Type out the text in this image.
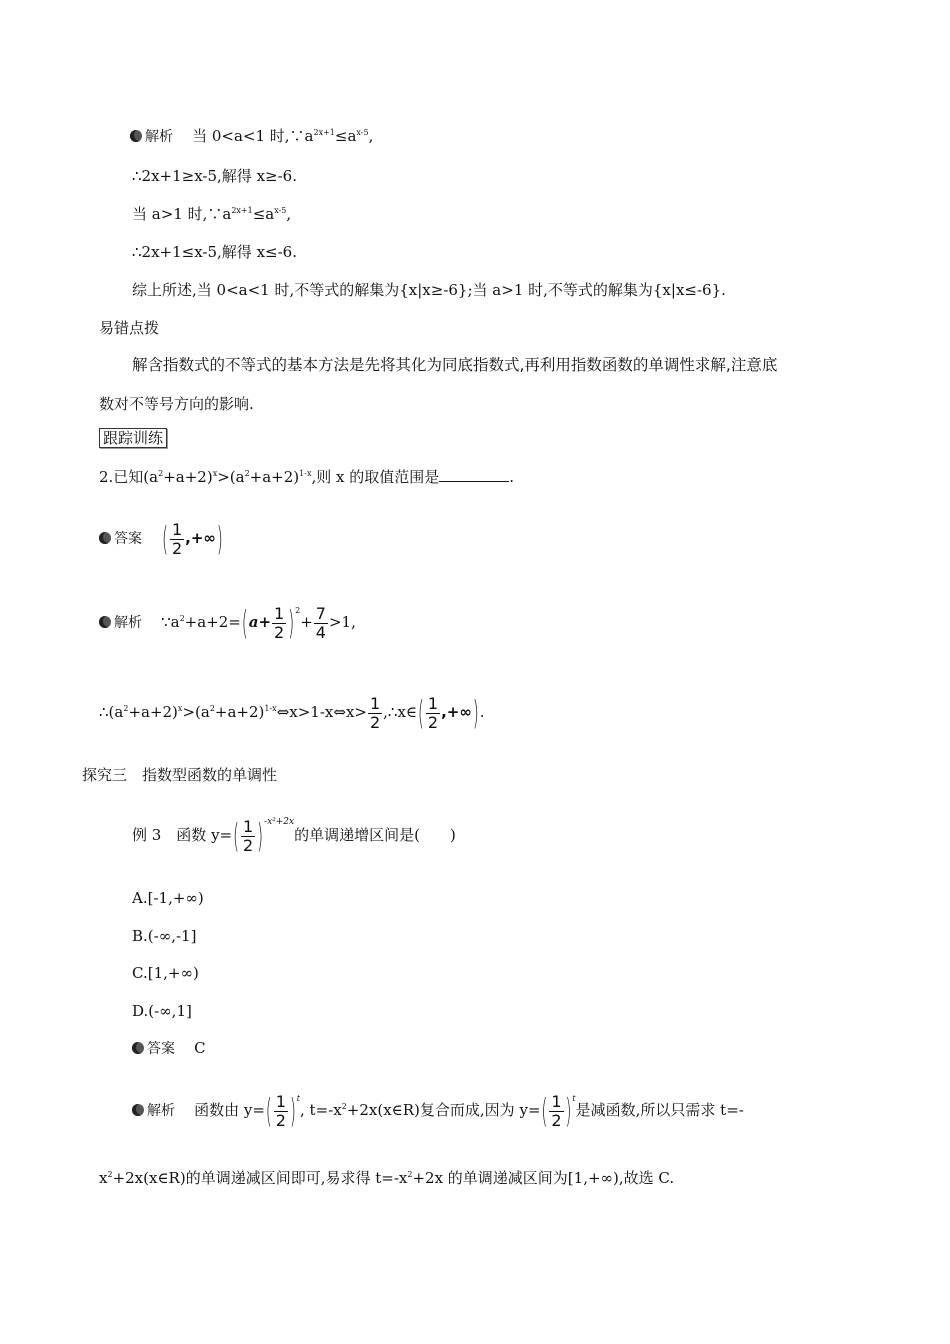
解析 当 0<a<1 时$,\because a^{2x+1}\le a^{x-5}$,
∴2x+1≥x-5,解得 x≥-6.
当 a>1 时$,\because a^{2x+1}\le a^{x-5}$,
∴2x+1≤x-5,解得 x≤-6.
综上所述,当 0<a<1 时,不等式的解集为{x|x≥-6};当 a>1 时,不等式的解集为{x|x≤-6}.
易错点拨
解含指数式的不等式的基本方法是先将其化为同底指数式,再利用指数函数的单调性求解,注意底
数对不等号方向的影响.
跟踪训练
2.已知$(a^2+a+2)^x>(a^2+a+2)^{1-x}$,则 x 的取值范围是	.
答案 ( $\frac{1}{2}$ ,+∞)
解析 $\because a^2+a+2=(a+ \frac{1}{2} )^2+ \frac{7}{4} >1$,
$\therefore(a^2+a+2)^x>(a^2+a+2)^{1-x}\Leftrightarrow x>1-x\Leftrightarrow x> \frac{1}{2}$ ,∴x∈( $\frac{1}{2}$ ,+∞).
探究三　指数型函数的单调性
例 3　函数 $y=( \frac{1}{2} )^{-x^2+2x}$的单调递增区间是(　　)
A.[-1,+∞)
B.(-∞,-1]
C.[1,+∞)
D.(-∞,1]
答案 C
解析 函数由 $y=( \frac{1}{2} )^t$, $t=-x^2+2x(x\in R)$复合而成,因为 $y=( \frac{1}{2} )^t$是减函数,所以只需求 t=-
$x^2+2x(x\in R)$的单调递减区间即可,易求得 $t=-x^2+2x$ 的单调递减区间为[1,+∞),故选 C.
